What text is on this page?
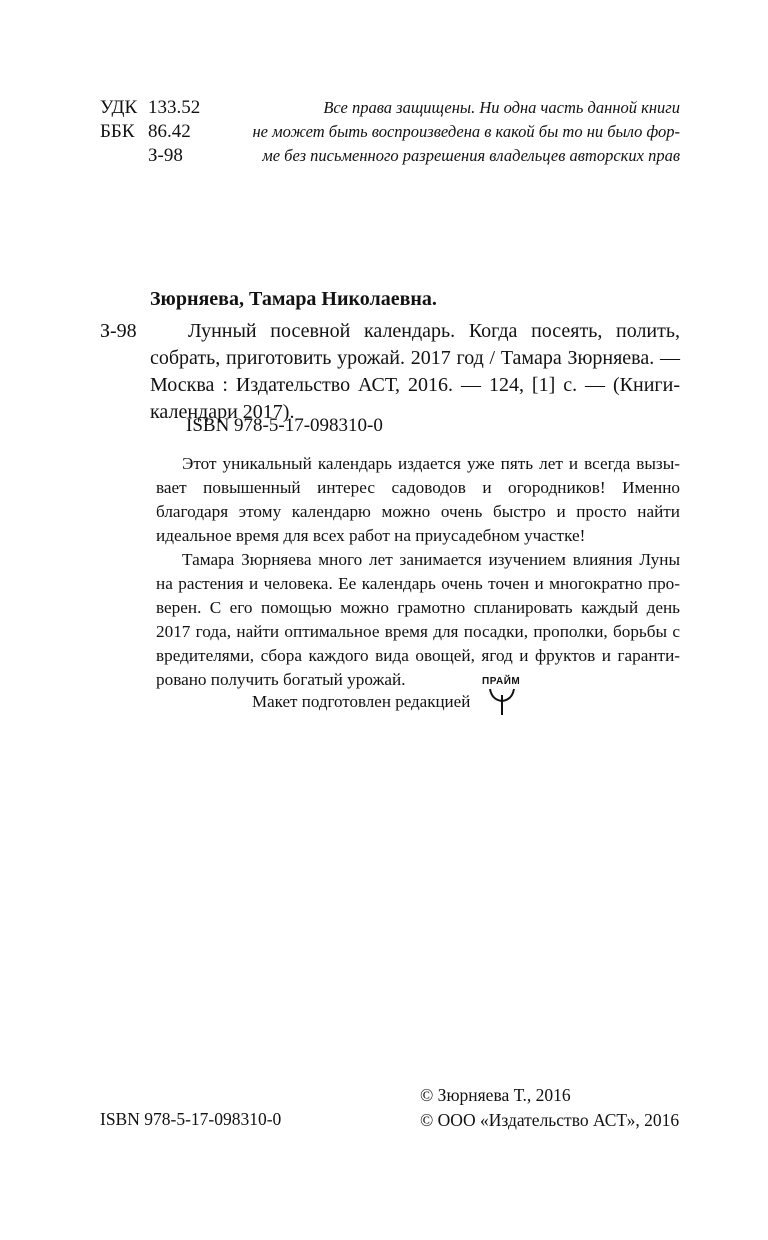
УДК 133.52
ББК 86.42
З-98
Все права защищены. Ни одна часть данной книги
не может быть воспроизведена в какой бы то ни было фор-
ме без письменного разрешения владельцев авторских прав
Зюрняева, Тамара Николаевна.
З-98	Лунный посевной календарь. Когда посеять, полить, собрать, приготовить урожай. 2017 год / Тамара Зюрняева. — Москва : Издательство АСТ, 2016. — 124, [1] с. — (Книги-календари 2017).
ISBN 978-5-17-098310-0

Этот уникальный календарь издается уже пять лет и всегда вызы-вает повышенный интерес садоводов и огородников! Именно благодаря этому календарю можно очень быстро и просто найти идеальное время для всех работ на приусадебном участке!

Тамара Зюрняева много лет занимается изучением влияния Луны на растения и человека. Ее календарь очень точен и многократно про-верен. С его помощью можно грамотно спланировать каждый день 2017 года, найти оптимальное время для посадки, прополки, борьбы с вредителями, сбора каждого вида овощей, ягод и фруктов и гаранти-ровано получить богатый урожай.

Макет подготовлен редакцией
ПРАЙМ
ISBN 978-5-17-098310-0
© Зюрняева Т., 2016
© ООО «Издательство АСТ», 2016
